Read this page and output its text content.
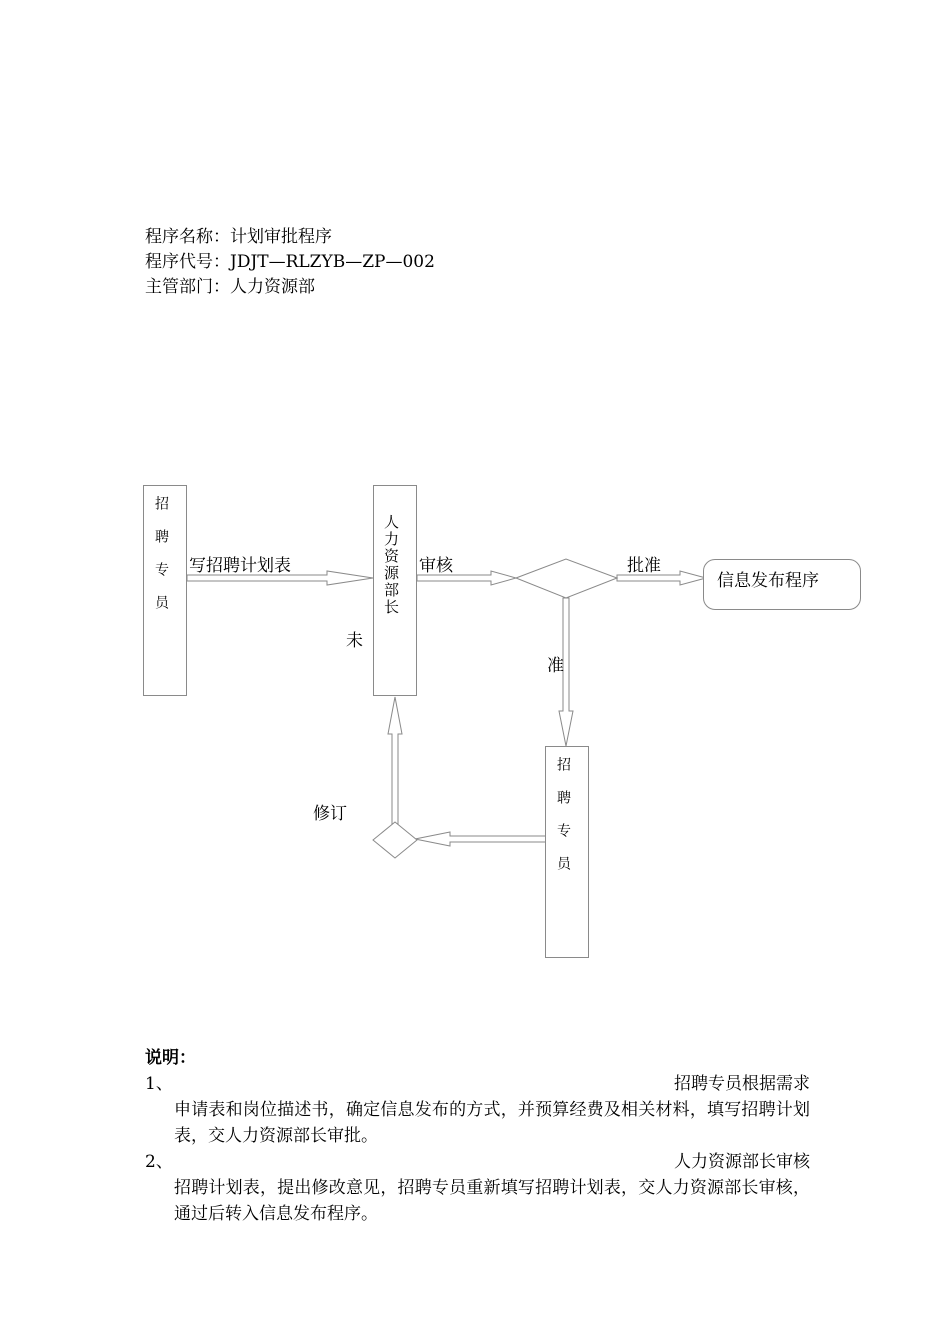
程序名称：计划审批程序
程序代号：JDJT—RLZYB—ZP—002
主管部门：人力资源部
招聘专员	人力资源部长
招聘专员
信息发布程序
写招聘计划表	审核	批准
未
准
修订
说明：
1、	招聘专员根据需求
申请表和岗位描述书，确定信息发布的方式，并预算经费及相关材料，填写招聘计划表，交人力资源部长审批。
2、	人力资源部长审核
招聘计划表，提出修改意见，招聘专员重新填写招聘计划表，交人力资源部长审核，通过后转入信息发布程序。
